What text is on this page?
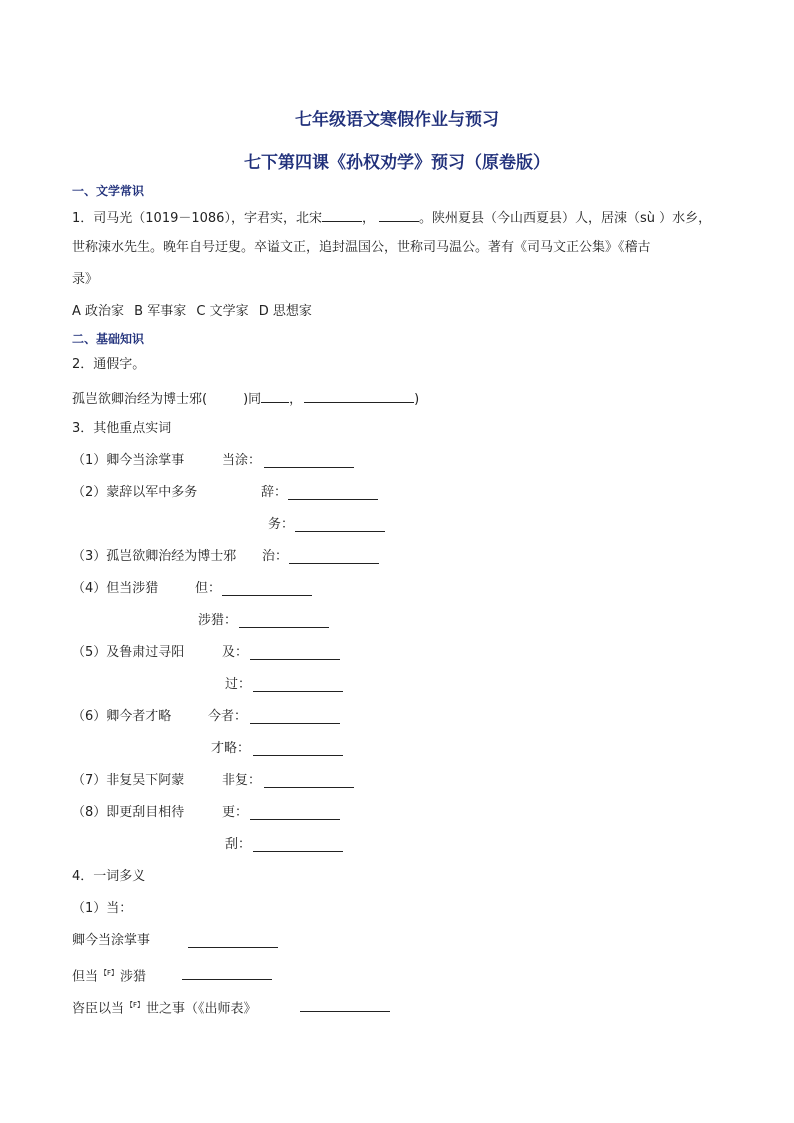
七年级语文寒假作业与预习
七下第四课《孙权劝学》预习（原卷版）
一、文学常识
1．司马光（1019－1086），字君实，北宋	，	。陕州夏县（今山西夏县）人，居涑（sù ）水乡，
世称涑水先生。晚年自号迂叟。卒谥文正，追封温国公，世称司马温公。著有《司马文正公集》《稽古
录》
A 政治家 B 军事家 C 文学家 D 思想家
二、基础知识
2．通假字。
孤岂欲卿治经为博士邪(	)同 ，	)
3．其他重点实词
（1）卿今当涂掌事	当涂：
（2）蒙辞以军中多务	辞：
务：
（3）孤岂欲卿治经为博士邪 治：
（4）但当涉猎	但：
涉猎：
（5）及鲁肃过寻阳	及：
过：
（6）卿今者才略	今者：
才略：
（7）非复吴下阿蒙	非复：
（8）即更刮目相待	更：
刮：
4．一词多义
（1）当：
卿今当涂掌事
但当 $^{【F】}$ 涉猎
咨臣以当 $^{【F】}$ 世之事（《出师表》
